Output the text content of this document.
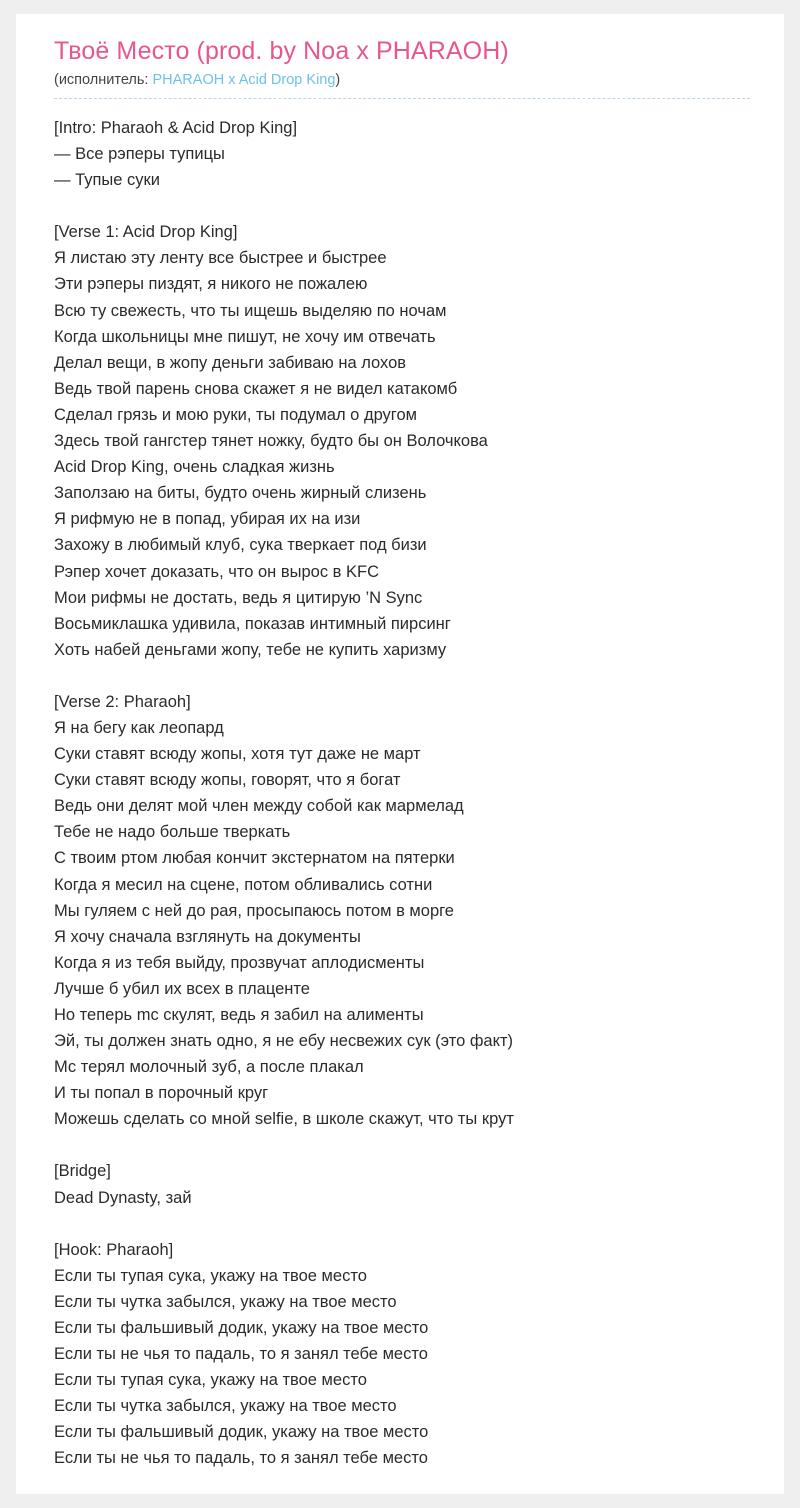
Твоё Место (prod. by Noa x PHARAOH)
(исполнитель: PHARAOH x Acid Drop King)
[Intro: Pharaoh & Acid Drop King]
— Все рэперы тупицы
— Тупые суки
[Verse 1: Acid Drop King]
Я листаю эту ленту все быстрее и быстрее
Эти рэперы пиздят, я никого не пожалею
Всю ту свежесть, что ты ищешь выделяю по ночам
Когда школьницы мне пишут, не хочу им отвечать
Делал вещи, в жопу деньги забиваю на лохов
Ведь твой парень снова скажет я не видел катакомб
Сделал грязь и мою руки, ты подумал о другом
Здесь твой гангстер тянет ножку, будто бы он Волочкова
Acid Drop King, очень сладкая жизнь
Заползаю на биты, будто очень жирный слизень
Я рифмую не в попад, убирая их на изи
Захожу в любимый клуб, сука тверкает под бизи
Рэпер хочет доказать, что он вырос в KFC
Мои рифмы не достать, ведь я цитирую ’N Sync
Восьмиклашка удивила, показав интимный пирсинг
Хоть набей деньгами жопу, тебе не купить харизму
[Verse 2: Pharaoh]
Я на бегу как леопард
Суки ставят всюду жопы, хотя тут даже не март
Суки ставят всюду жопы, говорят, что я богат
Ведь они делят мой член между собой как мармелад
Тебе не надо больше тверкать
С твоим ртом любая кончит экстернатом на пятерки
Когда я месил на сцене, потом обливались сотни
Мы гуляем с ней до рая, просыпаюсь потом в морге
Я хочу сначала взглянуть на документы
Когда я из тебя выйду, прозвучат аплодисменты
Лучше б убил их всех в плаценте
Но теперь mc скулят, ведь я забил на алименты
Эй, ты должен знать одно, я не ебу несвежих сук (это факт)
Мс терял молочный зуб, а после плакал
И ты попал в порочный круг
Можешь сделать со мной selfie, в школе скажут, что ты крут
[Bridge]
Dead Dynasty, зай
[Hook: Pharaoh]
Если ты тупая сука, укажу на твое место
Если ты чутка забылся, укажу на твое место
Если ты фальшивый додик, укажу на твое место
Если ты не чья то падаль, то я занял тебе место
Если ты тупая сука, укажу на твое место
Если ты чутка забылся, укажу на твое место
Если ты фальшивый додик, укажу на твое место
Если ты не чья то падаль, то я занял тебе место
